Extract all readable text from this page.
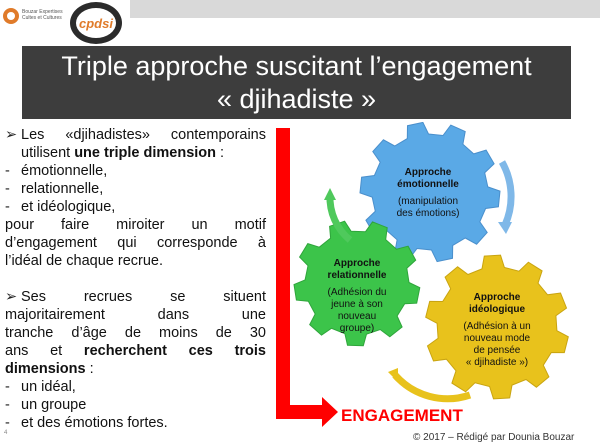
Bouzar Expertises
Cultes et Cultures cpdsi
Triple approche suscitant l’engagement
« djihadiste »
➢ Les «djihadistes» contemporains

utilisent une triple dimension :

- émotionnelle,
- relationnelle,
- et idéologique,

pour faire miroiter un motif

d’engagement qui corresponde à

l’idéal de chaque recrue.

➢ Ses recrues se situent

majoritairement dans une

tranche d’âge de moins de 30

ans et recherchent ces trois

dimensions :

- un idéal,
- un groupe
- et des émotions fortes.
Approche
émotionnelle
(manipulation
des émotions)
Approche
relationnelle
(Adhésion du
jeune à son
nouveau
groupe)
Approche
idéologique
(Adhésion à un
nouveau mode
de pensée
« djihadiste »)
ENGAGEMENT
4	© 2017 – Rédigé par Dounia Bouzar
